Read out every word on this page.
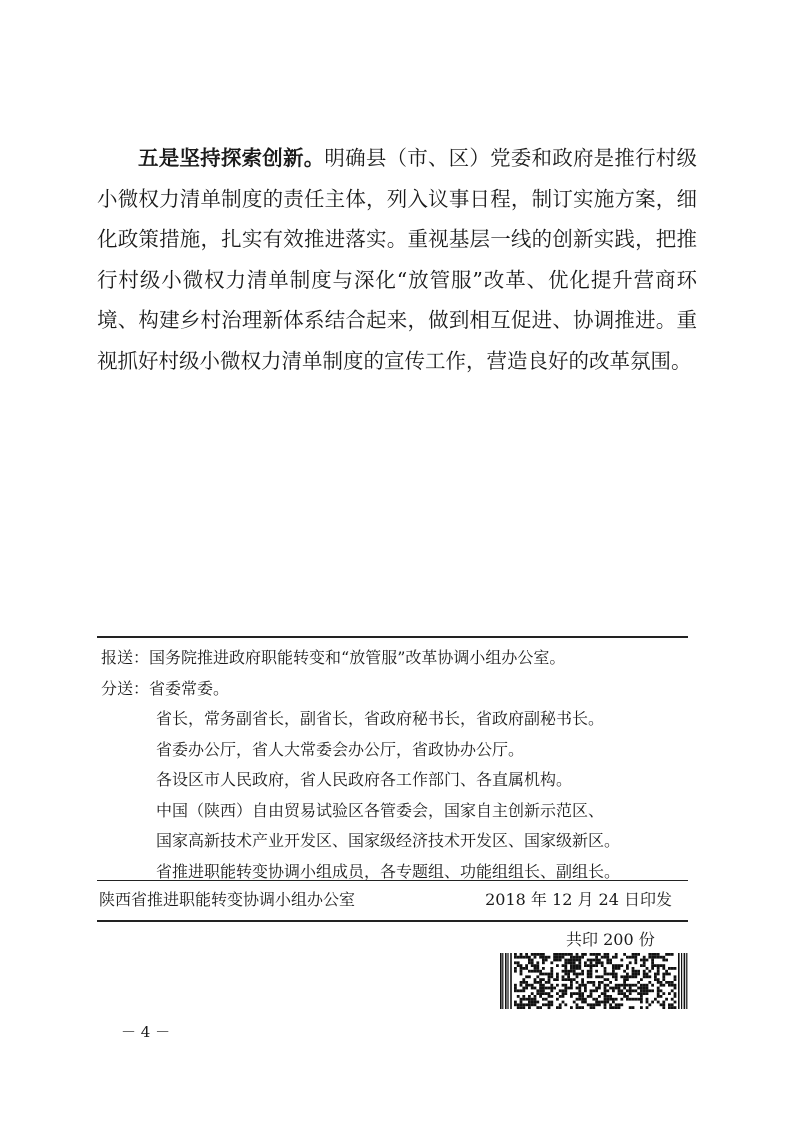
五是坚持探索创新。明确县（市、区）党委和政府是推行村级小微权力清单制度的责任主体，列入议事日程，制订实施方案，细化政策措施，扎实有效推进落实。重视基层一线的创新实践，把推行村级小微权力清单制度与深化“放管服”改革、优化提升营商环境、构建乡村治理新体系结合起来，做到相互促进、协调推进。重视抓好村级小微权力清单制度的宣传工作，营造良好的改革氛围。

报送：国务院推进政府职能转变和“放管服”改革协调小组办公室。
分送：省委常委。
省长，常务副省长，副省长，省政府秘书长，省政府副秘书长。
省委办公厅，省人大常委会办公厅，省政协办公厅。
各设区市人民政府，省人民政府各工作部门、各直属机构。
中国（陕西）自由贸易试验区各管委会，国家自主创新示范区、
国家高新技术产业开发区、国家级经济技术开发区、国家级新区。
省推进职能转变协调小组成员，各专题组、功能组组长、副组长。
陕西省推进职能转变协调小组办公室	2018 年 12 月 24 日印发
共印 200 份
－ 4 －
